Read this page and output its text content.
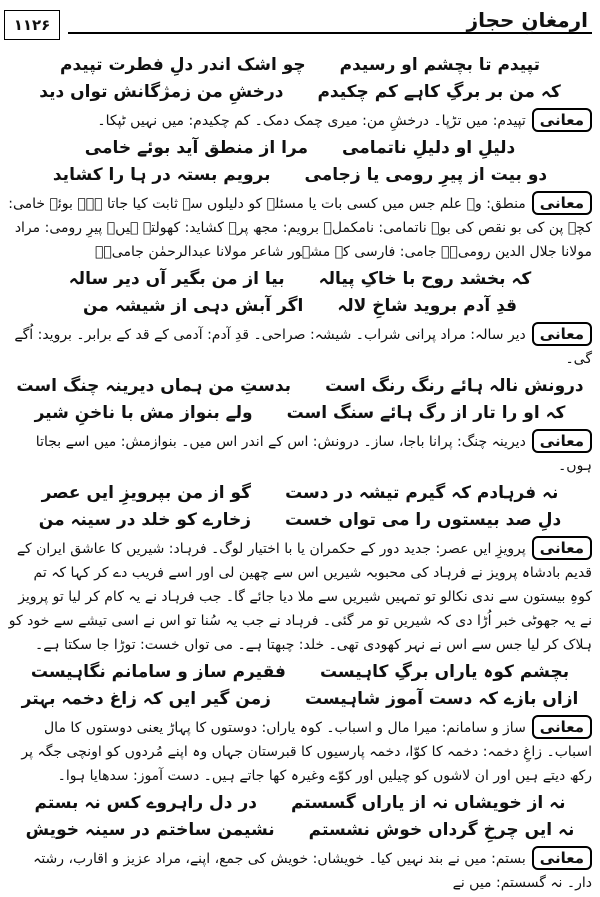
۱۱۲۶	ارمغانِ حجاز
چو اشک اندر دلِ فطرت تپیدم تپیدم تا بچشم او رسیدم
درخشِ من زمژگانش تواں دید کہ من بر برگِ کاہے کم چکیدم
معانیتپیدم: میں تڑپا۔ درخشِ من: میری چمک دمک۔ کم چکیدم: میں نہیں ٹپکا۔
مرا از منطق آید بوئے خامی دلیلِ او دلیلِ ناتمامی
برویم بستہ در ہا را کشاید دو بیت از پیرِ رومی یا زجامی
معانیمنطق: وہ علم جس میں کسی بات یا مسئلہ کو دلیلوں سے ثابت کیا جاتا ہے۔ بوئے خامی: کچے پن کی بو نقص کی بو۔ ناتمامی: نامکمل۔ برویم: مجھ پر۔ کشاید: کھولتے ہیں۔ پیرِ رومی: مراد مولانا جلال الدین رومیؒ۔ جامی: فارسی کے مشہور شاعر مولانا عبدالرحمٰن جامیؒ۔
بیا از من بگیر آں دیر سالہ کہ بخشد روح با خاکِ پیالہ
اگر آبش دہی از شیشہ من قدِ آدم بروید شاخِ لالہ
معانیدیر سالہ: مراد پرانی شراب۔ شیشہ: صراحی۔ قدِ آدم: آدمی کے قد کے برابر۔ بروید: اُگے گی۔
بدستِ من ہماں دیرینہ چنگ است درونش نالہ ہائے رنگ رنگ است
ولے بنواز مش با ناخنِ شیر کہ او را تار از رگ ہائے سنگ است
معانیدیرینہ چنگ: پرانا باجا، ساز۔ درونش: اس کے اندر اس میں۔ بنوازمش: میں اسے بجاتا ہوں۔
گو از من بپرویزِ ایں عصر نہ فرہادم کہ گیرم تیشہ در دست
زخارے کو خلد در سینہ من دلِ صد بیستوں را می تواں خست
معانیپرویزِ ایں عصر: جدید دور کے حکمران یا با اختیار لوگ۔ فرہاد: شیریں کا عاشق ایران کے قدیم بادشاہ پرویز نے فرہاد کی محبوبہ شیریں اس سے چھین لی اور اسے فریب دے کر کہا کہ تم کوہِ بیستون سے ندی نکالو تو تمہیں شیریں سے ملا دیا جائے گا۔ جب فرہاد نے یہ کام کر لیا تو پرویز نے یہ جھوٹی خبر اُڑا دی کہ شیریں تو مر گئی۔ فرہاد نے جب یہ سُنا تو اس نے اسی تیشے سے خود کو ہلاک کر لیا جس سے اس نے نہر کھودی تھی۔ خلد: چبھتا ہے۔ می تواں خست: توڑا جا سکتا ہے۔
فقیرم ساز و سامانم نگاہیست بچشم کوہ یاراں برگِ کاہیست
زمن گیر ایں کہ زاغ دخمہ بہتر ازاں بازے کہ دست آموز شاہیست
معانیساز و سامانم: میرا مال و اسباب۔ کوہ یاراں: دوستوں کا پہاڑ یعنی دوستوں کا مال اسباب۔ زاغِ دخمہ: دخمہ کا کوّا، دخمہ پارسیوں کا قبرستان جہاں وہ اپنے مُردوں کو اونچی جگہ پر رکھ دیتے ہیں اور ان لاشوں کو چیلیں اور کوّے وغیرہ کھا جاتے ہیں۔ دست آموز: سدھایا ہوا۔
در دل راہروے کس نہ بستم نہ از خویشاں نہ از یاراں گسستم
نشیمن ساختم در سینہ خویش نہ ایں چرخِ گرداں خوش نشستم
معانیبستم: میں نے بند نہیں کیا۔ خویشاں: خویش کی جمع، اپنے، مراد عزیز و اقارب، رشتہ دار۔ نہ گسستم: میں نے
